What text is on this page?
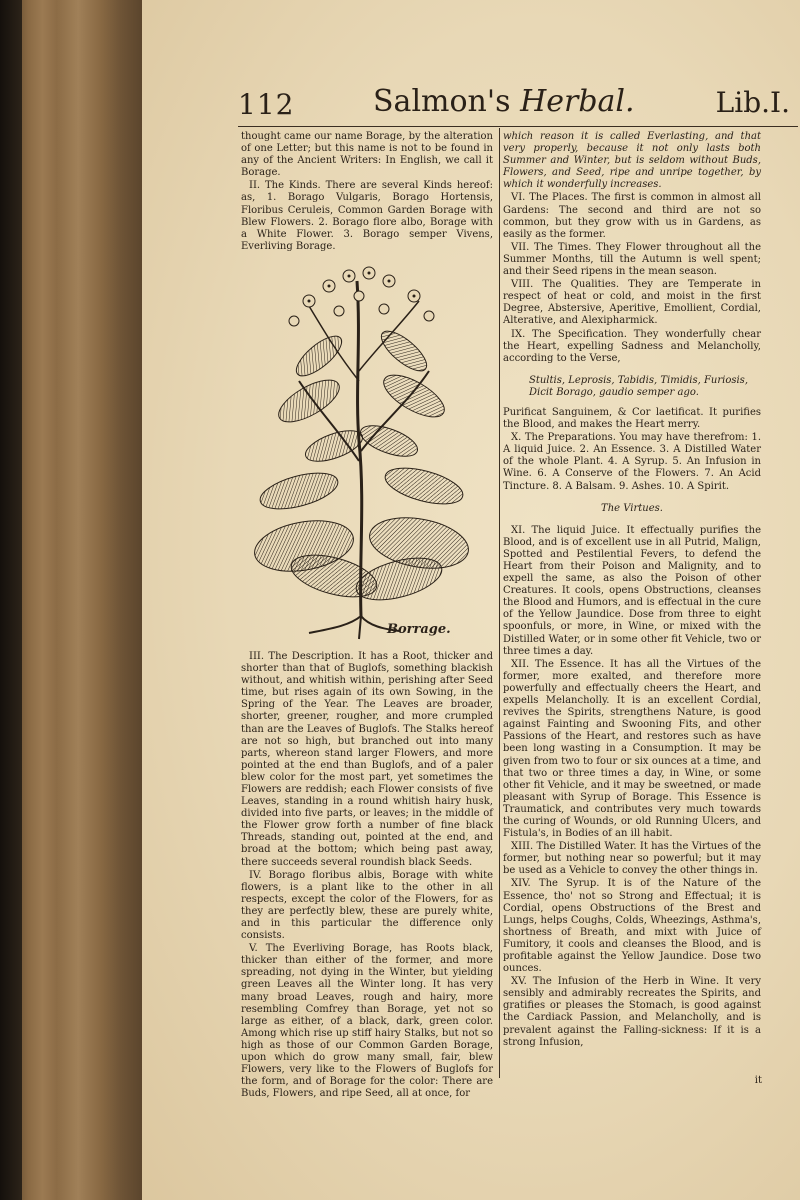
112	Salmon's Herbal.	Lib.I.

thought came our name Borage, by the alteration of one Letter; but this name is not to be found in any of the Ancient Writers: In English, we call it Borage.

II. The Kinds. There are several Kinds hereof: as, 1. Borago Vulgaris, Borago Hortensis, Floribus Ceruleis, Common Garden Borage with Blew Flowers. 2. Borago flore albo, Borage with a White Flower. 3. Borago semper Vivens, Everliving Borage.

Borrage.

III. The Description. It has a Root, thicker and shorter than that of Buglofs, something blackish without, and whitish within, perishing after Seed time, but rises again of its own Sowing, in the Spring of the Year. The Leaves are broader, shorter, greener, rougher, and more crumpled than are the Leaves of Buglofs. The Stalks hereof are not so high, but branched out into many parts, whereon stand larger Flowers, and more pointed at the end than Buglofs, and of a paler blew color for the most part, yet sometimes the Flowers are reddish; each Flower consists of five Leaves, standing in a round whitish hairy husk, divided into five parts, or leaves; in the middle of the Flower grow forth a number of fine black Threads, standing out, pointed at the end, and broad at the bottom; which being past away, there succeeds several roundish black Seeds.

IV. Borago floribus albis, Borage with white flowers, is a plant like to the other in all respects, except the color of the Flowers, for as they are perfectly blew, these are purely white, and in this particular the difference only consists.

V. The Everliving Borage, has Roots black, thicker than either of the former, and more spreading, not dying in the Winter, but yielding green Leaves all the Winter long. It has very many broad Leaves, rough and hairy, more resembling Comfrey than Borage, yet not so large as either, of a black, dark, green color. Among which rise up stiff hairy Stalks, but not so high as those of our Common Garden Borage, upon which do grow many small, fair, blew Flowers, very like to the Flowers of Buglofs for the form, and of Borage for the color: There are Buds, Flowers, and ripe Seed, all at once, for

which reason it is called Everlasting, and that very properly, because it not only lasts both Summer and Winter, but is seldom without Buds, Flowers, and Seed, ripe and unripe together, by which it wonderfully increases.

VI. The Places. The first is common in almost all Gardens: The second and third are not so common, but they grow with us in Gardens, as easily as the former.

VII. The Times. They Flower throughout all the Summer Months, till the Autumn is well spent; and their Seed ripens in the mean season.

VIII. The Qualities. They are Temperate in respect of heat or cold, and moist in the first Degree, Abstersive, Aperitive, Emollient, Cordial, Alterative, and Alexipharmick.

IX. The Specification. They wonderfully chear the Heart, expelling Sadness and Melancholly, according to the Verse,

Stultis, Leprosis, Tabidis, Timidis, Furiosis,
Dicit Borago, gaudio semper ago.

Purificat Sanguinem, & Cor laetificat. It purifies the Blood, and makes the Heart merry.

X. The Preparations. You may have therefrom: 1. A liquid Juice. 2. An Essence. 3. A Distilled Water of the whole Plant. 4. A Syrup. 5. An Infusion in Wine. 6. A Conserve of the Flowers. 7. An Acid Tincture. 8. A Balsam. 9. Ashes. 10. A Spirit.

The Virtues.

XI. The liquid Juice. It effectually purifies the Blood, and is of excellent use in all Putrid, Malign, Spotted and Pestilential Fevers, to defend the Heart from their Poison and Malignity, and to expell the same, as also the Poison of other Creatures. It cools, opens Obstructions, cleanses the Blood and Humors, and is effectual in the cure of the Yellow Jaundice. Dose from three to eight spoonfuls, or more, in Wine, or mixed with the Distilled Water, or in some other fit Vehicle, two or three times a day.

XII. The Essence. It has all the Virtues of the former, more exalted, and therefore more powerfully and effectually cheers the Heart, and expells Melancholly. It is an excellent Cordial, revives the Spirits, strengthens Nature, is good against Fainting and Swooning Fits, and other Passions of the Heart, and restores such as have been long wasting in a Consumption. It may be given from two to four or six ounces at a time, and that two or three times a day, in Wine, or some other fit Vehicle, and it may be sweetned, or made pleasant with Syrup of Borage. This Essence is Traumatick, and contributes very much towards the curing of Wounds, or old Running Ulcers, and Fistula's, in Bodies of an ill habit.

XIII. The Distilled Water. It has the Virtues of the former, but nothing near so powerful; but it may be used as a Vehicle to convey the other things in.

XIV. The Syrup. It is of the Nature of the Essence, tho' not so Strong and Effectual; it is Cordial, opens Obstructions of the Brest and Lungs, helps Coughs, Colds, Wheezings, Asthma's, shortness of Breath, and mixt with Juice of Fumitory, it cools and cleanses the Blood, and is profitable against the Yellow Jaundice. Dose two ounces.

XV. The Infusion of the Herb in Wine. It very sensibly and admirably recreates the Spirits, and gratifies or pleases the Stomach, is good against the Cardiack Passion, and Melancholly, and is prevalent against the Falling-sickness: If it is a strong Infusion,

it
